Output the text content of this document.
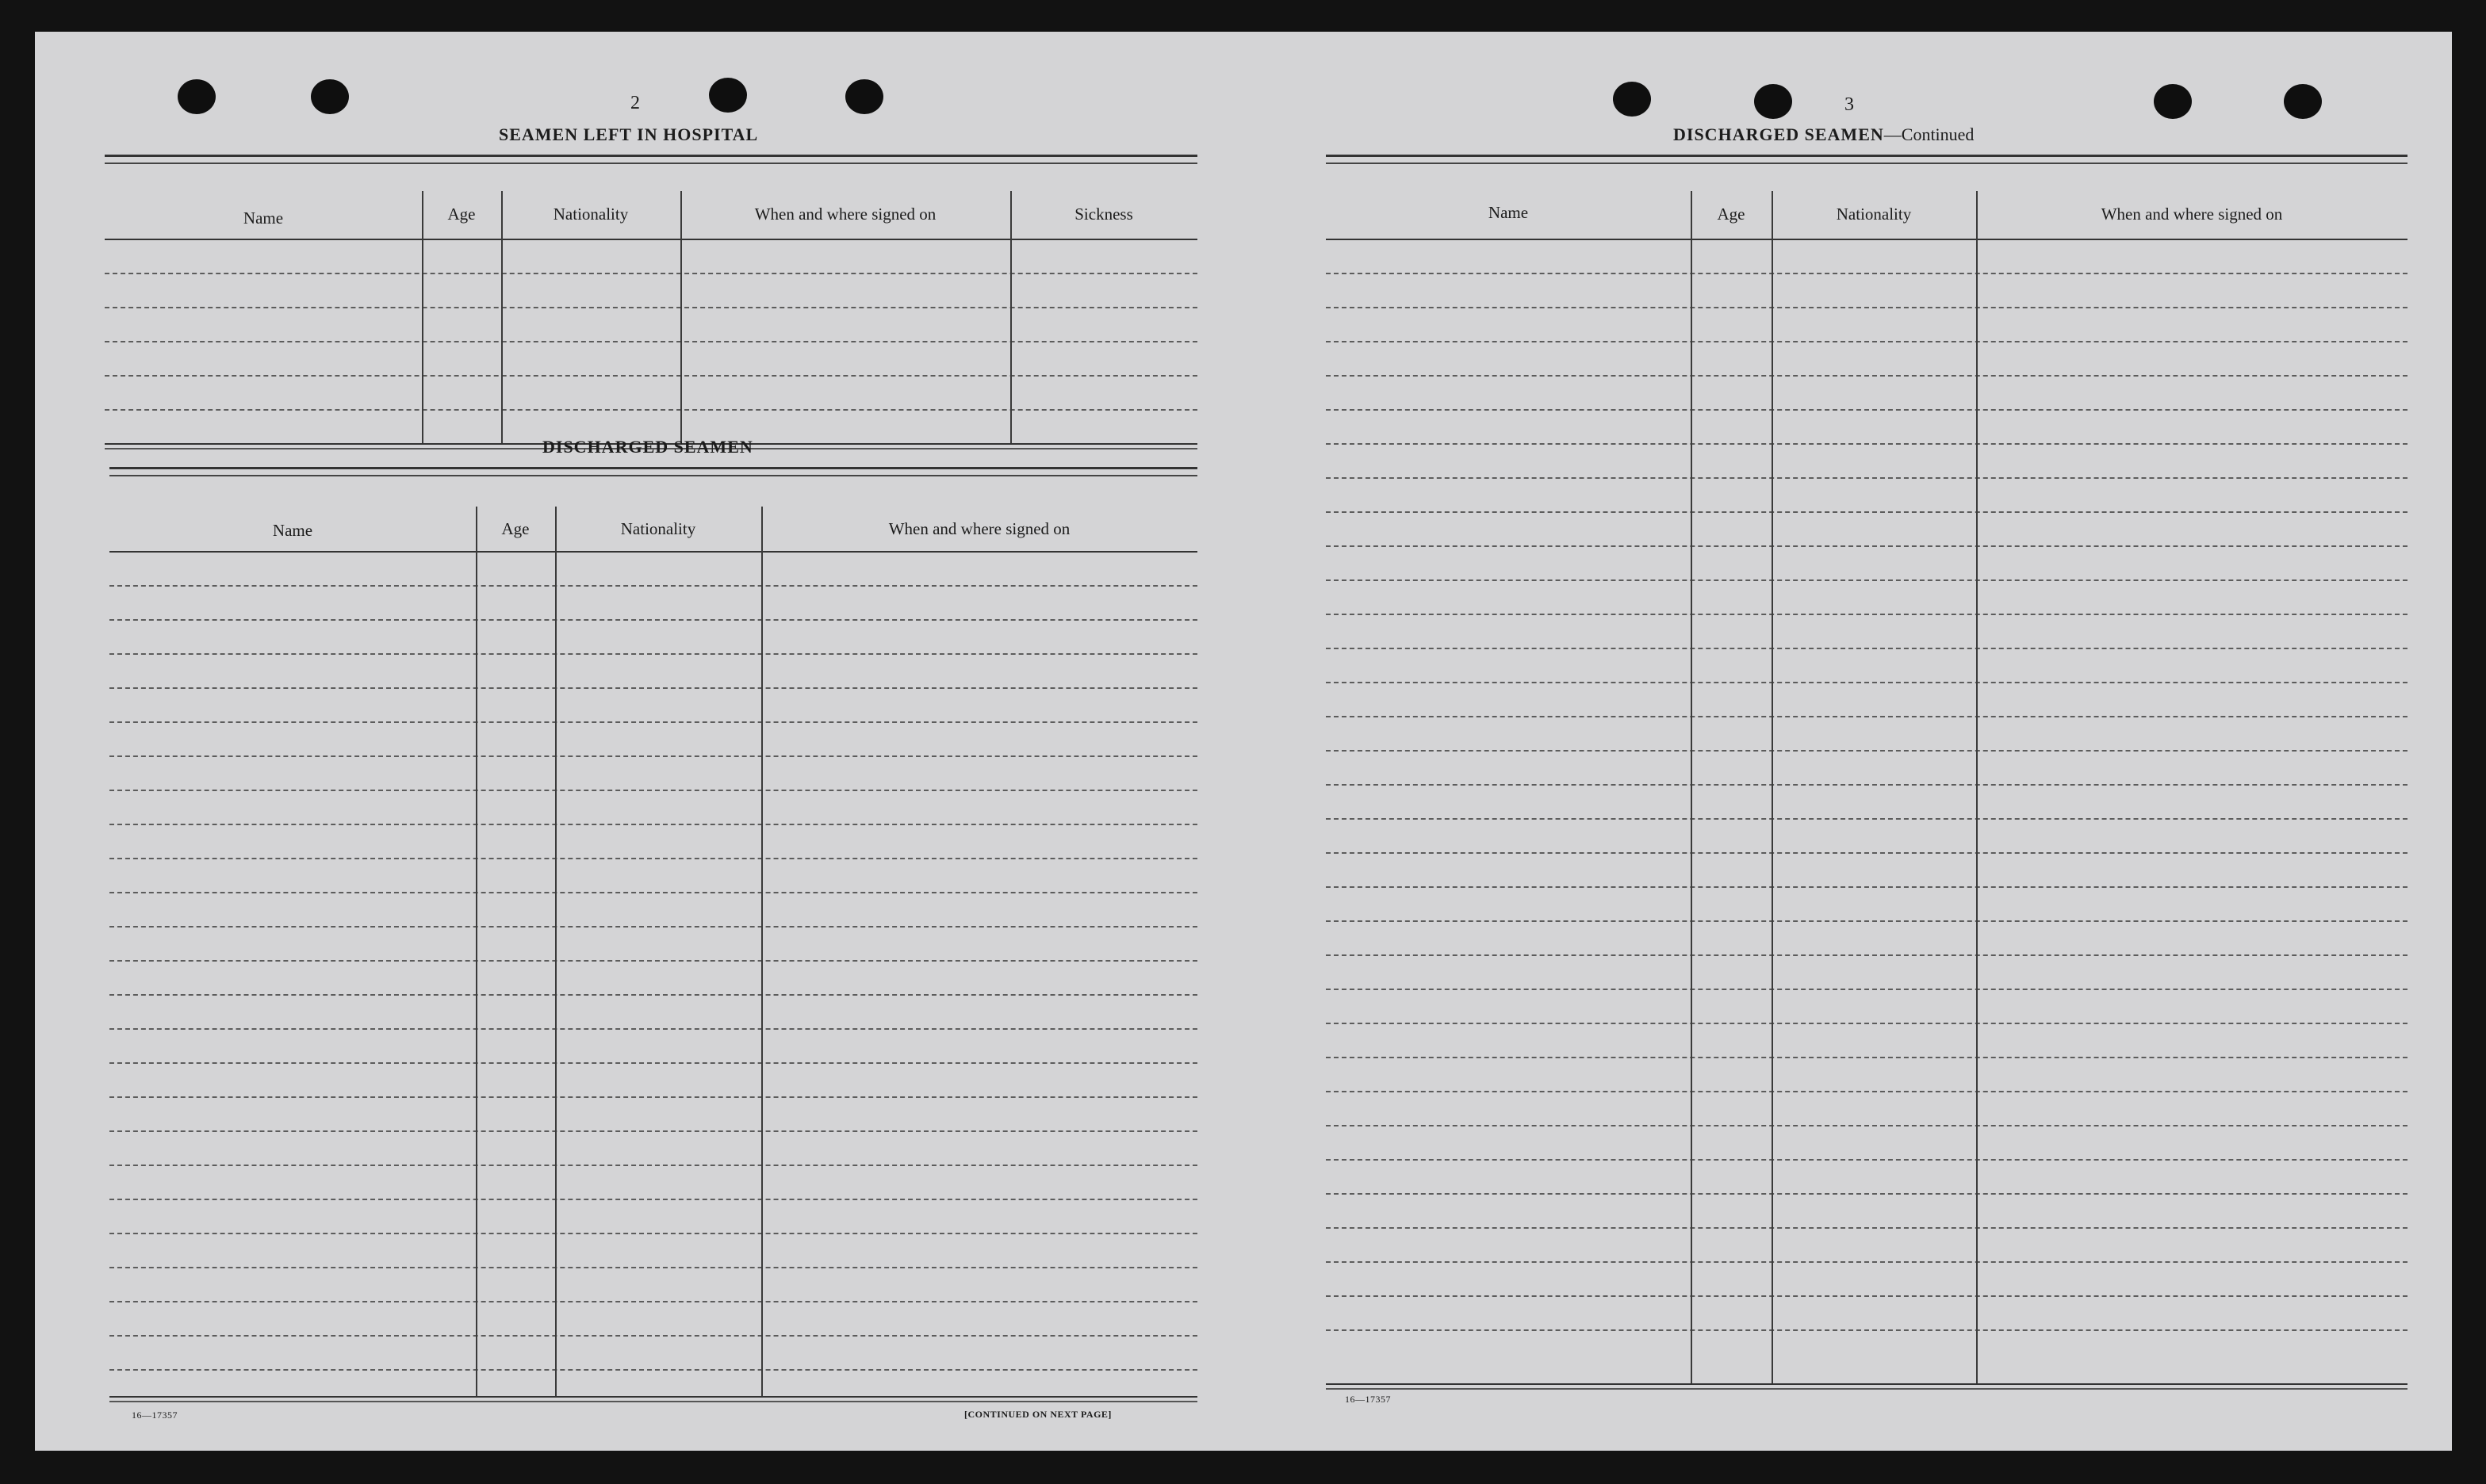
2	3
SEAMEN LEFT IN HOSPITAL
Name	Age	Nationality	When and where signed on	Sickness
DISCHARGED SEAMEN
Name	Age	Nationality	When and where signed on
16—17357	[CONTINUED ON NEXT PAGE]
DISCHARGED SEAMEN—Continued
Name	Age	Nationality	When and where signed on
16—17357
